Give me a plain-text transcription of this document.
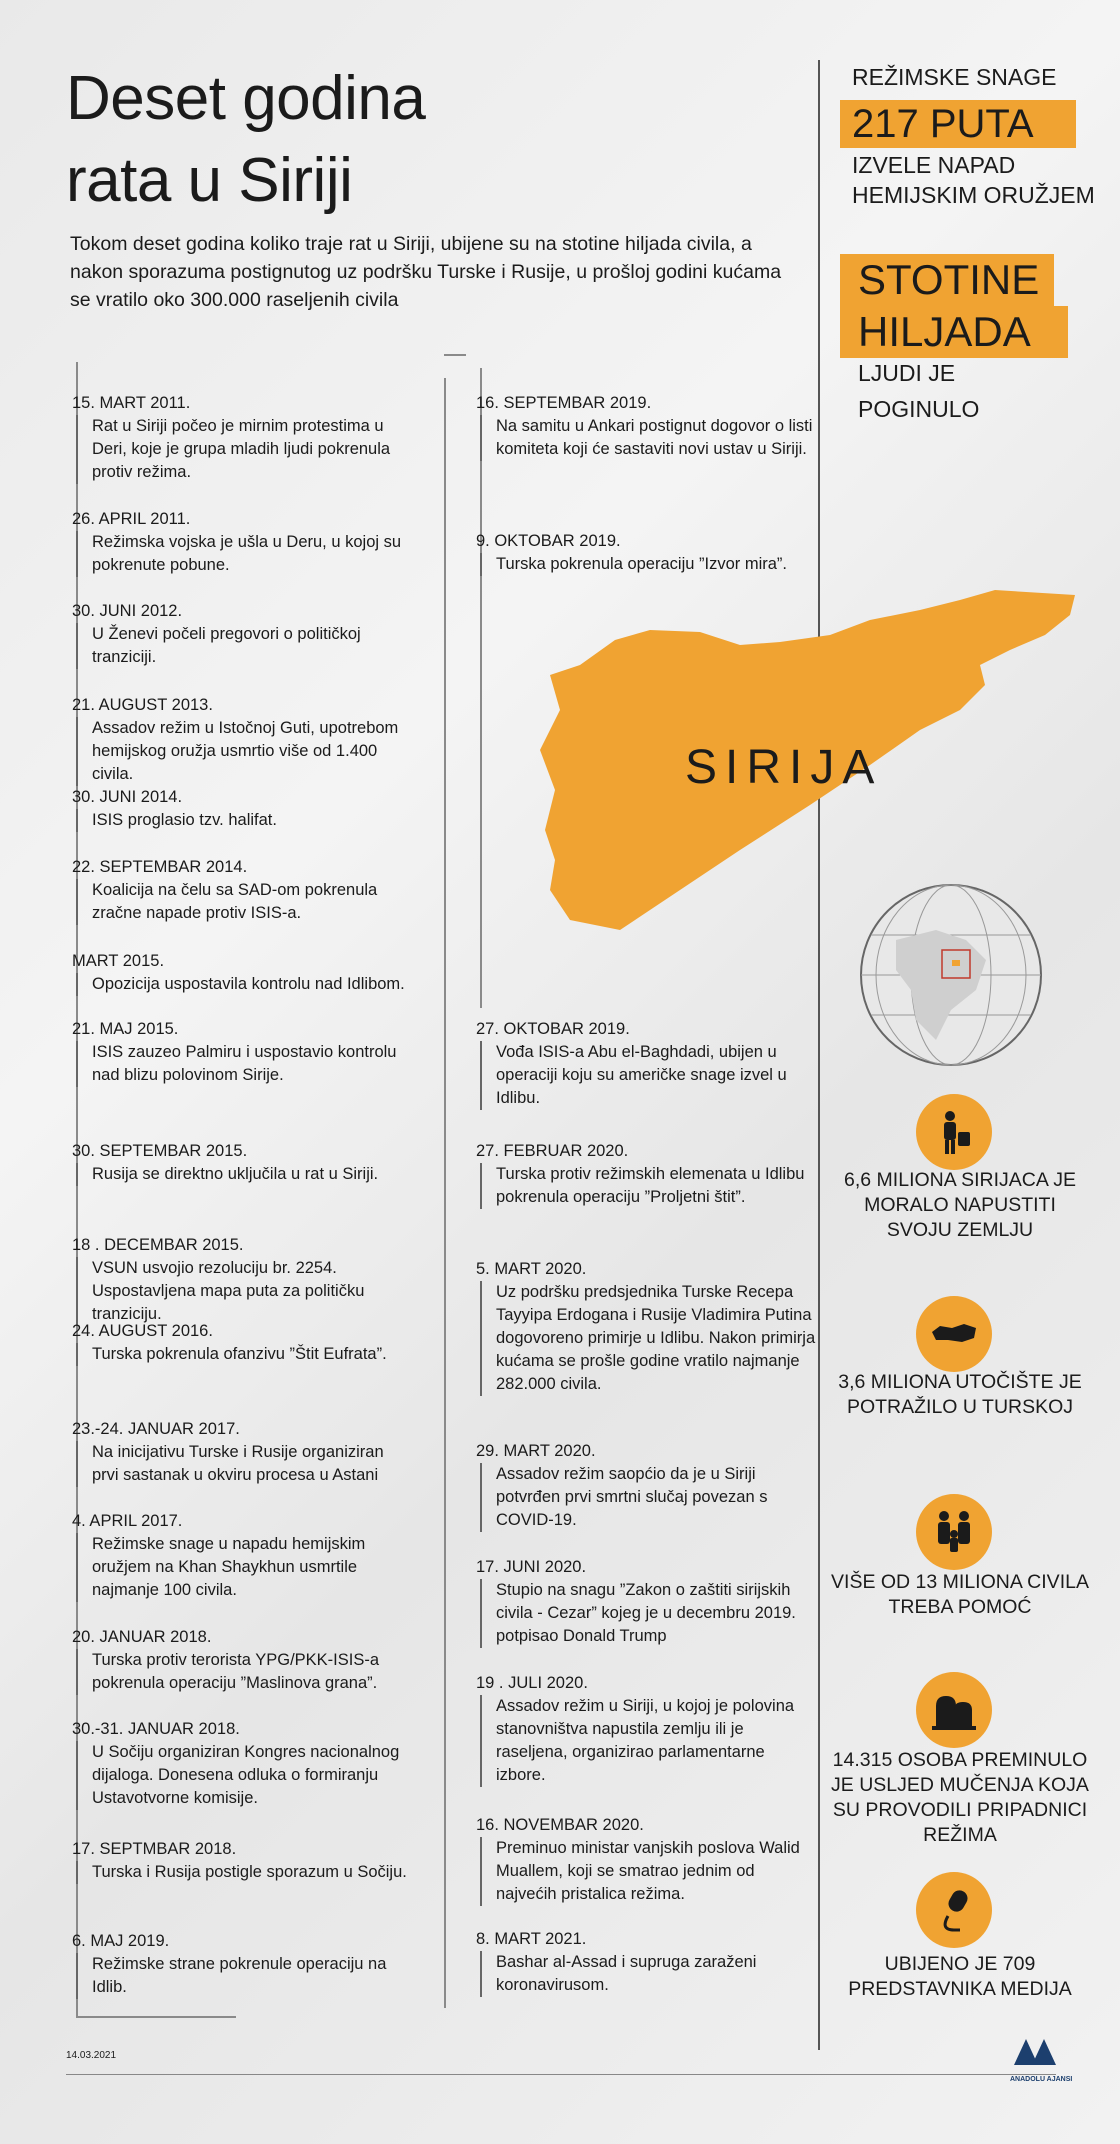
Deset godina
rata u Siriji

Tokom deset godina koliko traje rat u Siriji, ubijene su na stotine hiljada civila, a nakon sporazuma postignutog uz podršku Turske i Rusije, u prošloj godini kućama se vratilo oko 300.000 raseljenih civila

15. MART 2011.
Rat u Siriji počeo je mirnim protestima u Deri, koje je grupa mladih ljudi pokrenula protiv režima.
26. APRIL 2011.
Režimska vojska je ušla u Deru, u kojoj su pokrenute pobune.
30. JUNI 2012.
U Ženevi počeli pregovori o političkoj tranziciji.
21. AUGUST 2013.
Assadov režim u Istočnoj Guti, upotrebom hemijskog oružja usmrtio više od 1.400 civila.
30. JUNI 2014.
ISIS proglasio tzv. halifat.
22. SEPTEMBAR 2014.
Koalicija na čelu sa SAD-om pokrenula zračne napade protiv ISIS-a.
MART 2015.
Opozicija uspostavila kontrolu nad Idlibom.
21. MAJ 2015.
ISIS zauzeo Palmiru i uspostavio kontrolu nad blizu polovinom Sirije.
30. SEPTEMBAR 2015.
Rusija se direktno uključila u rat u Siriji.
18 . DECEMBAR 2015.
VSUN usvojio rezoluciju br. 2254. Uspostavljena mapa puta za političku tranziciju.
24. AUGUST 2016.
Turska pokrenula ofanzivu ”Štit Eufrata”.
23.-24. JANUAR 2017.
Na inicijativu Turske i Rusije organiziran prvi sastanak u okviru procesa u Astani
4. APRIL 2017.
Režimske snage u napadu hemijskim oružjem na Khan Shaykhun usmrtile najmanje 100 civila.
20. JANUAR 2018.
Turska protiv terorista YPG/PKK-ISIS-a pokrenula operaciju ”Maslinova grana”.
30.-31. JANUAR 2018.
U Sočiju organiziran Kongres nacionalnog dijaloga. Donesena odluka o formiranju Ustavotvorne komisije.
17. SEPTMBAR 2018.
Turska i Rusija postigle sporazum u Sočiju.
6. MAJ 2019.
Režimske strane pokrenule operaciju na Idlib.
16. SEPTEMBAR 2019.
Na samitu u Ankari postignut dogovor o listi komiteta koji će sastaviti novi ustav u Siriji.
9. OKTOBAR 2019.
Turska pokrenula operaciju ”Izvor mira”.
27. OKTOBAR 2019.
Vođa ISIS-a Abu el-Baghdadi, ubijen u operaciji koju su američke snage izvel u Idlibu.
27. FEBRUAR 2020.
Turska protiv režimskih elemenata u Idlibu pokrenula operaciju ”Proljetni štit”.
5. MART 2020.
Uz podršku predsjednika Turske Recepa Tayyipa Erdogana i Rusije Vladimira Putina dogovoreno primirje u Idlibu. Nakon primirja kućama se prošle godine vratilo najmanje 282.000 civila.
29. MART 2020.
Assadov režim saopćio da je u Siriji potvrđen prvi smrtni slučaj povezan s COVID-19.
17. JUNI 2020.
Stupio na snagu ”Zakon o zaštiti sirijskih civila - Cezar” kojeg je u decembru 2019. potpisao Donald Trump
19 . JULI 2020.
Assadov režim u Siriji, u kojoj je polovina stanovništva napustila zemlju ili je raseljena, organizirao parlamentarne izbore.
16. NOVEMBAR 2020.
Preminuo ministar vanjskih poslova Walid Muallem, koji se smatrao jednim od najvećih pristalica režima.
8. MART 2021.
Bashar al-Assad i supruga zaraženi koronavirusom.
SIRIJA
REŽIMSKE SNAGE
217 PUTA
IZVELE NAPAD
HEMIJSKIM ORUŽJEM
STOTINE
HILJADA
LJUDI JE
POGINULO
6,6 MILIONA SIRIJACA JE MORALO NAPUSTITI SVOJU ZEMLJU
3,6 MILIONA UTOČIŠTE JE POTRAŽILO U TURSKOJ
VIŠE OD 13 MILIONA CIVILA TREBA POMOĆ
14.315 OSOBA PREMINULO JE USLJED MUČENJA KOJA SU PROVODILI PRIPADNICI REŽIMA
UBIJENO JE 709 PREDSTAVNIKA MEDIJA
14.03.2021
ANADOLU AJANSI
